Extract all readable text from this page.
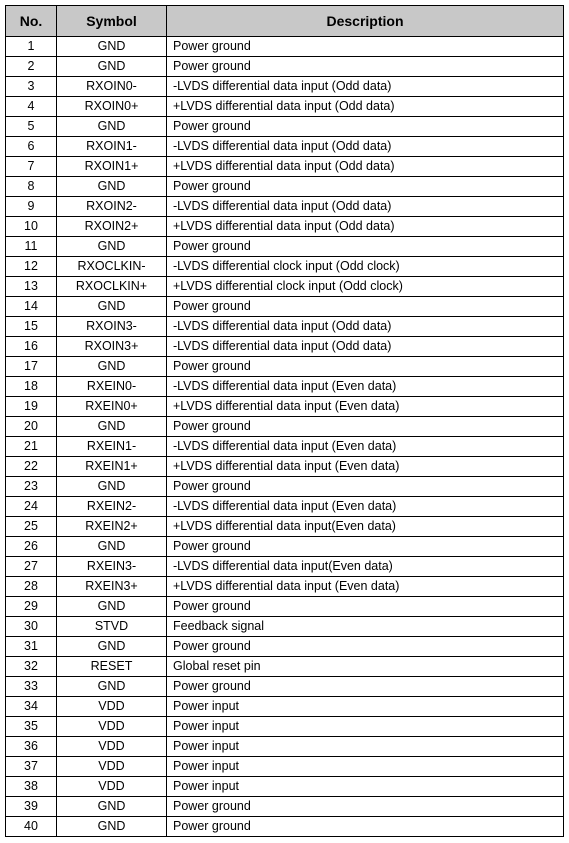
No.	Symbol	Description
1	GND	Power ground
2	GND	Power ground
3	RXOIN0-	-LVDS differential data input (Odd data)
4	RXOIN0+	+LVDS differential data input (Odd data)
5	GND	Power ground
6	RXOIN1-	-LVDS differential data input (Odd data)
7	RXOIN1+	+LVDS differential data input (Odd data)
8	GND	Power ground
9	RXOIN2-	-LVDS differential data input (Odd data)
10	RXOIN2+	+LVDS differential data input (Odd data)
11	GND	Power ground
12	RXOCLKIN-	-LVDS differential clock input (Odd clock)
13	RXOCLKIN+	+LVDS differential clock input (Odd clock)
14	GND	Power ground
15	RXOIN3-	-LVDS differential data input (Odd data)
16	RXOIN3+	-LVDS differential data input (Odd data)
17	GND	Power ground
18	RXEIN0-	-LVDS differential data input (Even data)
19	RXEIN0+	+LVDS differential data input (Even data)
20	GND	Power ground
21	RXEIN1-	-LVDS differential data input (Even data)
22	RXEIN1+	+LVDS differential data input (Even data)
23	GND	Power ground
24	RXEIN2-	-LVDS differential data input (Even data)
25	RXEIN2+	+LVDS differential data input(Even data)
26	GND	Power ground
27	RXEIN3-	-LVDS differential data input(Even data)
28	RXEIN3+	+LVDS differential data input (Even data)
29	GND	Power ground
30	STVD	Feedback signal
31	GND	Power ground
32	RESET	Global reset pin
33	GND	Power ground
34	VDD	Power input
35	VDD	Power input
36	VDD	Power input
37	VDD	Power input
38	VDD	Power input
39	GND	Power ground
40	GND	Power ground
